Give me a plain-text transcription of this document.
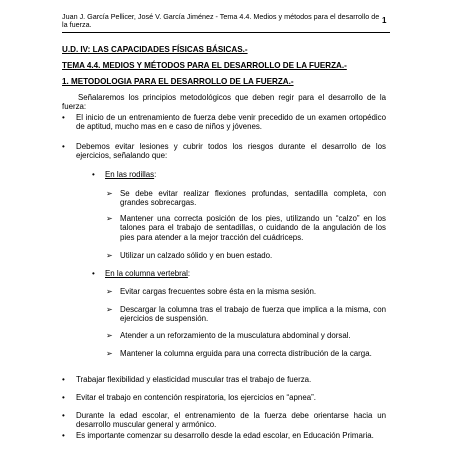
Juan J. García Pellicer, José V. García Jiménez - Tema 4.4. Medios y métodos para el desarrollo de la fuerza.	1
U.D. IV: LAS CAPACIDADES FÍSICAS BÁSICAS.-
TEMA 4.4. MEDIOS Y MÉTODOS PARA EL DESARROLLO DE LA FUERZA.-
1. METODOLOGIA PARA EL DESARROLLO DE LA FUERZA.-
Señalaremos los principios metodológicos que deben regir para el desarrollo de la fuerza:
• El inicio de un entrenamiento de fuerza debe venir precedido de un examen ortopédico de aptitud, mucho mas en e caso de niños y jóvenes.
• Debemos evitar lesiones y cubrir todos los riesgos durante el desarrollo de los ejercicios, señalando que:
• En las rodillas:
➢ Se debe evitar realizar flexiones profundas, sentadilla completa, con grandes sobrecargas.
➢ Mantener una correcta posición de los pies, utilizando un “calzo” en los talones para el trabajo de sentadillas, o cuidando de la angulación de los pies para atender a la mejor tracción del cuádriceps.
➢ Utilizar un calzado sólido y en buen estado.
• En la columna vertebral:
➢ Evitar cargas frecuentes sobre ésta en la misma sesión.
➢ Descargar la columna tras el trabajo de fuerza que implica a la misma, con ejercicios de suspensión.
➢ Atender a un reforzamiento de la musculatura abdominal y dorsal.
➢ Mantener la columna erguida para una correcta distribución de la carga.
• Trabajar flexibilidad y elasticidad muscular tras el trabajo de fuerza.
• Evitar el trabajo en contención respiratoria, los ejercicios en “apnea”.
• Durante la edad escolar, el entrenamiento de la fuerza debe orientarse hacia un desarrollo muscular general y armónico.
• Es importante comenzar su desarrollo desde la edad escolar, en Educación Primaria.
